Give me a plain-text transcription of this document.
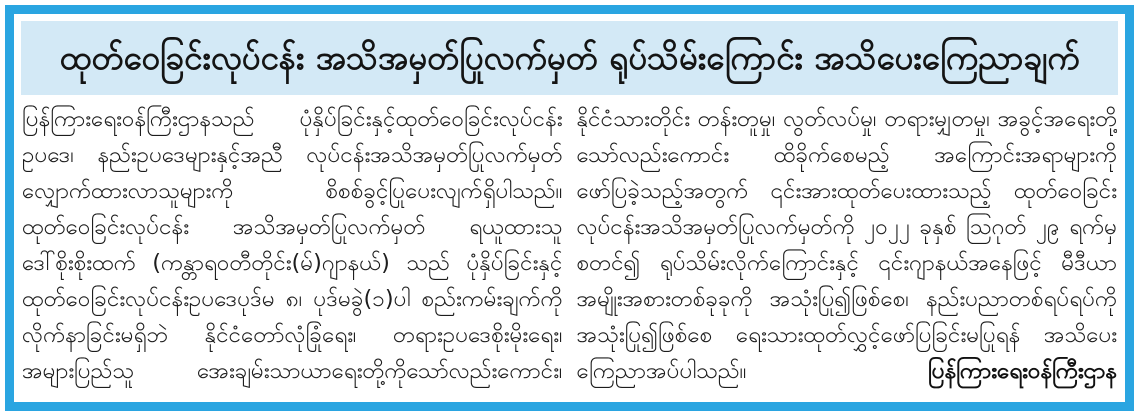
ထုတ်ဝေခြင်းလုပ်ငန်း အသိအမှတ်ပြုလက်မှတ် ရုပ်သိမ်းကြောင်း အသိပေးကြေညာချက်
ပြန်ကြားရေးဝန်ကြီးဌာနသည် ပုံနှိပ်ခြင်းနှင့်ထုတ်ဝေခြင်းလုပ်ငန်း
ဥပဒေ၊ နည်းဥပဒေများနှင့်အညီ လုပ်ငန်းအသိအမှတ်ပြုလက်မှတ်
လျှောက်ထားလာသူများကို စိစစ်ခွင့်ပြုပေးလျက်ရှိပါသည်။
ထုတ်ဝေခြင်းလုပ်ငန်း အသိအမှတ်ပြုလက်မှတ် ရယူထားသူ
ဒေါ်စိုးစိုးထက် (ကန္တာရဝတီတိုင်း(မ်)ဂျာနယ်) သည် ပုံနှိပ်ခြင်းနှင့်
ထုတ်ဝေခြင်းလုပ်ငန်းဥပဒေပုဒ်မ ၈၊ ပုဒ်မခွဲ(၁)ပါ စည်းကမ်းချက်ကို
လိုက်နာခြင်းမရှိဘဲ နိုင်ငံတော်လုံခြုံရေး၊ တရားဥပဒေစိုးမိုးရေး၊
အများပြည်သူ အေးချမ်းသာယာရေးတို့ကိုသော်လည်းကောင်း၊
နိုင်ငံသားတိုင်း တန်းတူမှု၊ လွတ်လပ်မှု၊ တရားမျှတမှု၊ အခွင့်အရေးတို့
သော်လည်းကောင်း ထိခိုက်စေမည့် အကြောင်းအရာများကို
ဖော်ပြခဲ့သည့်အတွက် ၎င်းအားထုတ်ပေးထားသည့် ထုတ်ဝေခြင်း
လုပ်ငန်းအသိအမှတ်ပြုလက်မှတ်ကို ၂၀၂၂ ခုနှစ် ဩဂုတ် ၂၉ ရက်မှ
စတင်၍ ရုပ်သိမ်းလိုက်ကြောင်းနှင့် ၎င်းဂျာနယ်အနေဖြင့် မီဒီယာ
အမျိုးအစားတစ်ခုခုကို အသုံးပြု၍ဖြစ်စေ၊ နည်းပညာတစ်ရပ်ရပ်ကို
အသုံးပြု၍ဖြစ်စေ ရေးသားထုတ်လွှင့်ဖော်ပြခြင်းမပြုရန် အသိပေး
ကြေညာအပ်ပါသည်။	ပြန်ကြားရေးဝန်ကြီးဌာန
